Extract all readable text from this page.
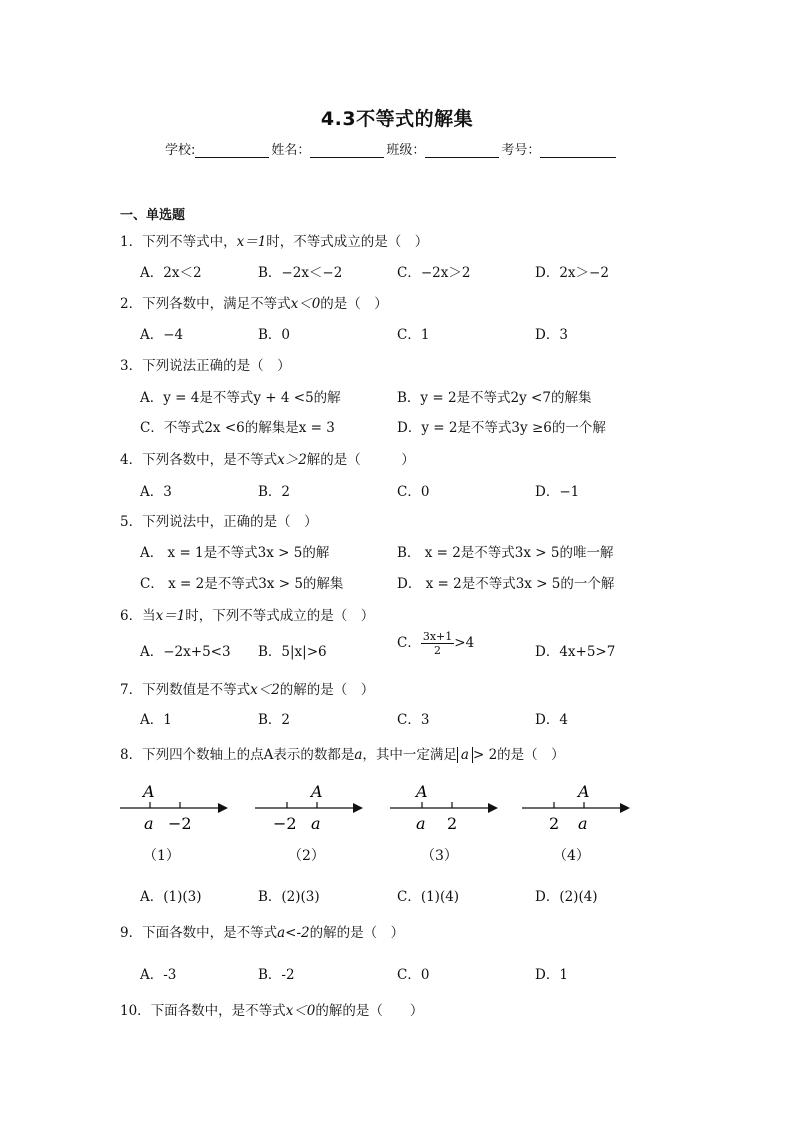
4.3不等式的解集
学校:	姓名：	班级：	考号：
一、单选题
1．下列不等式中，x＝1时，不等式成立的是（　）
A．2x＜2	B．−2x＜−2	C．−2x＞2	D．2x＞−2
2．下列各数中，满足不等式x＜0的是（　）
A．−4	B．0	C．1	D．3
3．下列说法正确的是（　）
A．y = 4是不等式y + 4 <5的解	B．y = 2是不等式2y <7的解集
C．不等式2x <6的解集是x = 3	D．y = 2是不等式3y ≥6的一个解
4．下列各数中，是不等式x＞2解的是（　　　）
A．3	B．2	C．0	D．−1
5．下列说法中，正确的是（　）
A． x = 1是不等式3x > 5的解	B． x = 2是不等式3x > 5的唯一解
C． x = 2是不等式3x > 5的解集	D． x = 2是不等式3x > 5的一个解
6．当x＝1时，下列不等式成立的是（　）
A．−2x+5<3 B．5|x|>6
C． $\frac{3x+1}{2} >4$
D．4x+5>7
7．下列数值是不等式x＜2的解的是（　）
A．1	B．2	C．3	D．4
8．下列四个数轴上的点A表示的数都是a，其中一定满足 a > 2的是（　）
A
a −2
（1）
A
−2 a
（2）
A
a 2
（3）
A
2 a
（4）
A．(1)(3)	B．(2)(3)	C．(1)(4)	D．(2)(4)
9．下面各数中，是不等式a<-2的解的是（　）
A．-3	B．-2	C．0	D．1
10．下面各数中，是不等式x＜0的解的是（　　）
